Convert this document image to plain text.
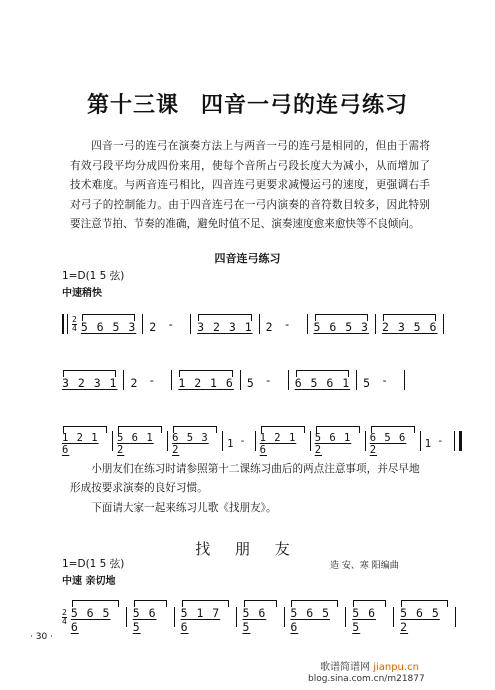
第十三课 四音一弓的连弓练习
四音一弓的连弓在演奏方法上与两音一弓的连弓是相同的，但由于需将有效弓段平均分成四份来用，使每个音所占弓段长度大为减小，从而增加了技术难度。与两音连弓相比，四音连弓更要求减慢运弓的速度，更强调右手对弓子的控制能力。由于四音连弓在一弓内演奏的音符数目较多，因此特别要注意节拍、节奏的准确，避免时值不足、演奏速度愈来愈快等不良倾向。
四音连弓练习
1=D(1 5 弦)
中速稍快
2
4 5 6 5 3 2 - 3 2 3 1 2 - 5 6 5 3 2 3 5 6
3 2 3 1 2 - 1 2 1 6 5 - 6 5 6 1 5 -
1 2 1 6
5 6 1 2
6 5 3 2	1 - 1 2 1 6
5 6 1 2
6 5 6 2	1 -
小朋友们在练习时请参照第十二课练习曲后的两点注意事项，并尽早地形成按要求演奏的良好习惯。
下面请大家一起来练习儿歌《找朋友》。
找 朋 友
1=D(1 5 弦)	造 安、寒 阳编曲
中速 亲切地
2
4
5 6 5 6
5 6 5
5 1 7 6
5 6 5
5 6 5 6
5 6 5
5 6 5 2
· 30 ·
歌谱简谱网 jianpu.cn
blog.sina.com.cn/m21877
